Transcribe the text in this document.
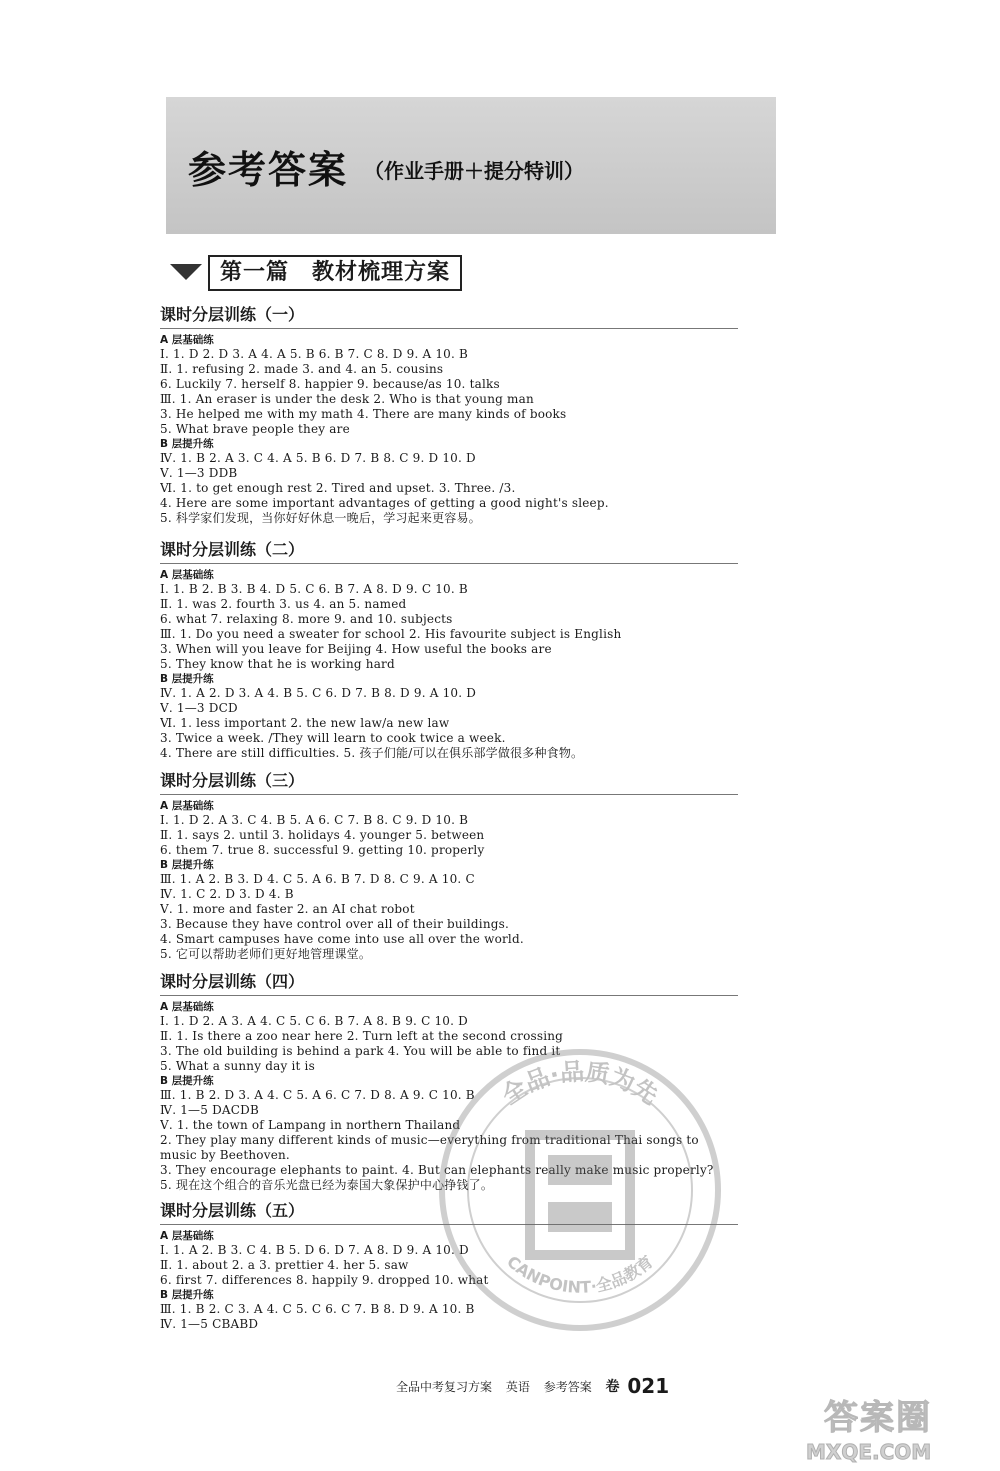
参考答案 （作业手册＋提分特训）
第一篇　教材梳理方案
课时分层训练（一）
A 层基础练
Ⅰ. 1. D 2. D 3. A 4. A 5. B 6. B 7. C 8. D 9. A 10. B
Ⅱ. 1. refusing 2. made 3. and 4. an 5. cousins
6. Luckily 7. herself 8. happier 9. because/as 10. talks
Ⅲ. 1. An eraser is under the desk 2. Who is that young man
3. He helped me with my math 4. There are many kinds of books
5. What brave people they are
B 层提升练
Ⅳ. 1. B 2. A 3. C 4. A 5. B 6. D 7. B 8. C 9. D 10. D
Ⅴ. 1—3 DDB
Ⅵ. 1. to get enough rest 2. Tired and upset. 3. Three. /3.
4. Here are some important advantages of getting a good night's sleep.
5. 科学家们发现，当你好好休息一晚后，学习起来更容易。
课时分层训练（二）
A 层基础练
Ⅰ. 1. B 2. B 3. B 4. D 5. C 6. B 7. A 8. D 9. C 10. B
Ⅱ. 1. was 2. fourth 3. us 4. an 5. named
6. what 7. relaxing 8. more 9. and 10. subjects
Ⅲ. 1. Do you need a sweater for school 2. His favourite subject is English
3. When will you leave for Beijing 4. How useful the books are
5. They know that he is working hard
B 层提升练
Ⅳ. 1. A 2. D 3. A 4. B 5. C 6. D 7. B 8. D 9. A 10. D
Ⅴ. 1—3 DCD
Ⅵ. 1. less important 2. the new law/a new law
3. Twice a week. /They will learn to cook twice a week.
4. There are still difficulties. 5. 孩子们能/可以在俱乐部学做很多种食物。
课时分层训练（三）
A 层基础练
Ⅰ. 1. D 2. A 3. C 4. B 5. A 6. C 7. B 8. C 9. D 10. B
Ⅱ. 1. says 2. until 3. holidays 4. younger 5. between
6. them 7. true 8. successful 9. getting 10. properly
B 层提升练
Ⅲ. 1. A 2. B 3. D 4. C 5. A 6. B 7. D 8. C 9. A 10. C
Ⅳ. 1. C 2. D 3. D 4. B
Ⅴ. 1. more and faster 2. an AI chat robot
3. Because they have control over all of their buildings.
4. Smart campuses have come into use all over the world.
5. 它可以帮助老师们更好地管理课堂。
课时分层训练（四）
A 层基础练
Ⅰ. 1. D 2. A 3. A 4. C 5. C 6. B 7. A 8. B 9. C 10. D
Ⅱ. 1. Is there a zoo near here 2. Turn left at the second crossing
3. The old building is behind a park 4. You will be able to find it
5. What a sunny day it is
B 层提升练
Ⅲ. 1. B 2. D 3. A 4. C 5. A 6. C 7. D 8. A 9. C 10. B
Ⅳ. 1—5 DACDB
Ⅴ. 1. the town of Lampang in northern Thailand
2. They play many different kinds of music—everything from traditional Thai songs to music by Beethoven.
3. They encourage elephants to paint. 4. But can elephants really make music properly?
5. 现在这个组合的音乐光盘已经为泰国大象保护中心挣钱了。
课时分层训练（五）
A 层基础练
Ⅰ. 1. A 2. B 3. C 4. B 5. D 6. D 7. A 8. D 9. A 10. D
Ⅱ. 1. about 2. a 3. prettier 4. her 5. saw
6. first 7. differences 8. happily 9. dropped 10. what
B 层提升练
Ⅲ. 1. B 2. C 3. A 4. C 5. C 6. C 7. B 8. D 9. A 10. B
Ⅳ. 1—5 CBABD
全品·品质为先
CANPOINT·全品教育
全品中考复习方案 英语 参考答案 卷 021
答案圈
MXQE.COM
